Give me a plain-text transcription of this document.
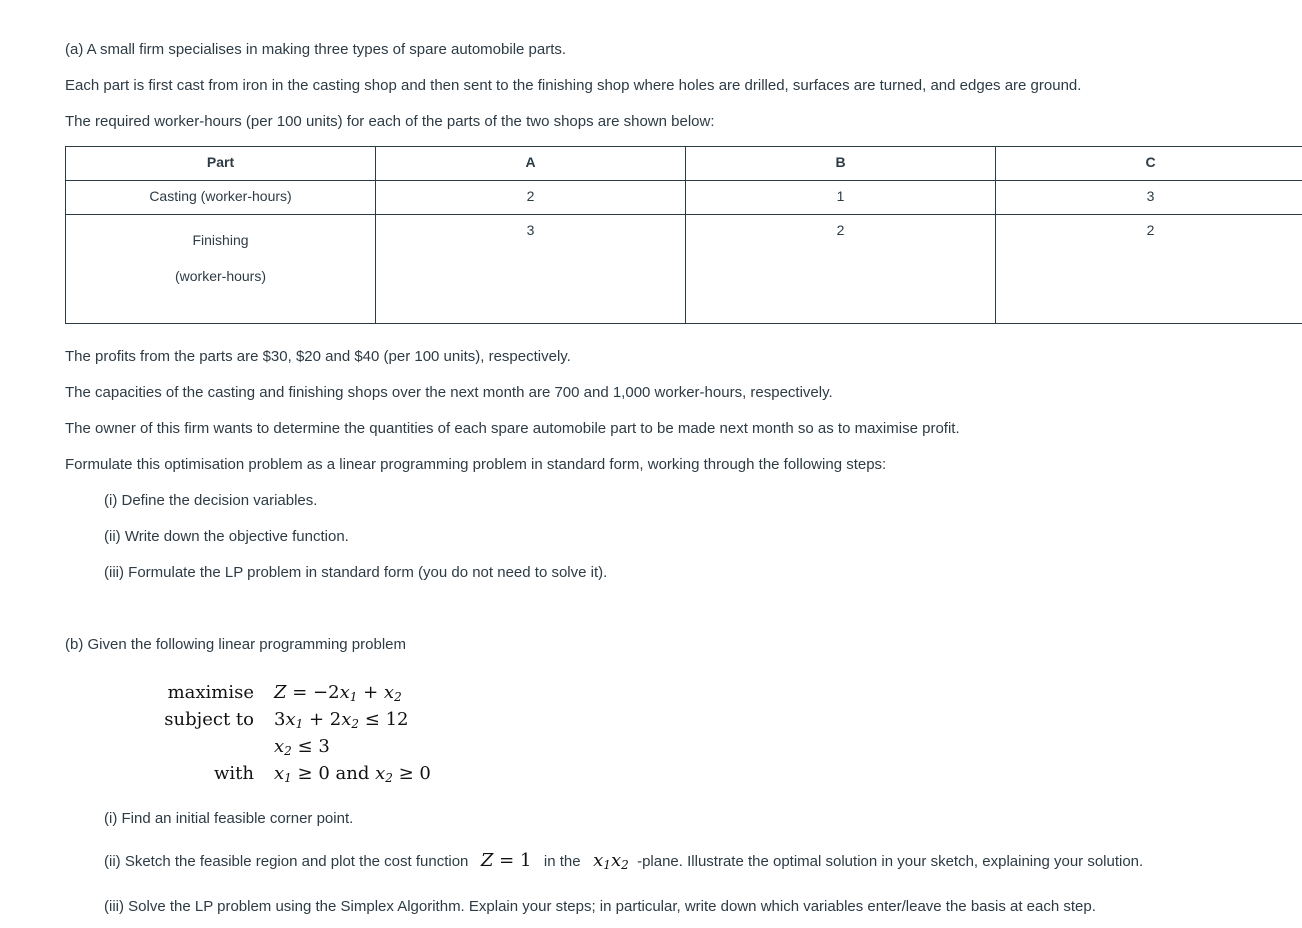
(a) A small firm specialises in making three types of spare automobile parts.

Each part is first cast from iron in the casting shop and then sent to the finishing shop where holes are drilled, surfaces are turned, and edges are ground.

The required worker-hours (per 100 units) for each of the parts of the two shops are shown below:

Part	A	B	C
Casting (worker-hours)	2	1	3
Finishing
(worker-hours)	3	2	2

The profits from the parts are $30, $20 and $40 (per 100 units), respectively.

The capacities of the casting and finishing shops over the next month are 700 and 1,000 worker-hours, respectively.

The owner of this firm wants to determine the quantities of each spare automobile part to be made next month so as to maximise profit.

Formulate this optimisation problem as a linear programming problem in standard form, working through the following steps:

(i) Define the decision variables.

(ii) Write down the objective function.

(iii) Formulate the LP problem in standard form (you do not need to solve it).

(b) Given the following linear programming problem

maximise $Z = -2x_1 + x_2$
subject to $3x_1 + 2x_2 \le 12$
$x_2 \le 3$
with $x_1 \ge 0$ and $x_2 \ge 0$

(i) Find an initial feasible corner point.

(ii) Sketch the feasible region and plot the cost function Z = 1 in the $x_1x_2$ -plane. Illustrate the optimal solution in your sketch, explaining your solution.

(iii) Solve the LP problem using the Simplex Algorithm. Explain your steps; in particular, write down which variables enter/leave the basis at each step.
